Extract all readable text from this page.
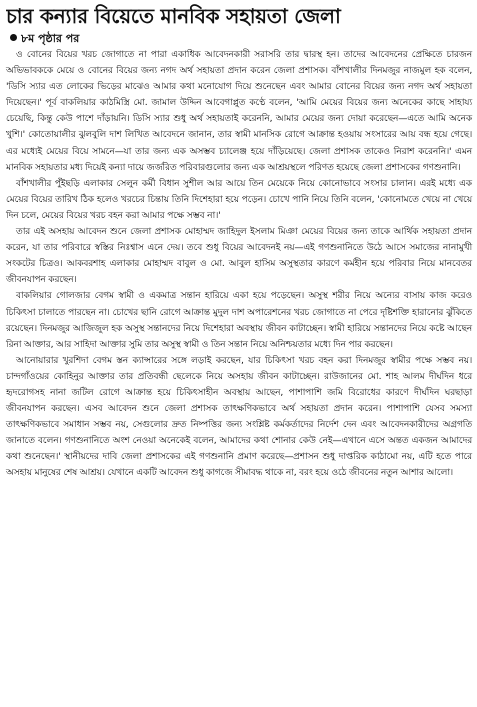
চার কন্যার বিয়েতে মানবিক সহায়তা জেলা
৮ম পৃষ্ঠার পর

ও বোনের বিয়ের খরচ জোগাতে না পারা একাধিক আবেদনকারী সরাসরি তার দ্বারস্থ হন। তাদের আবেদনের প্রেক্ষিতে চারজন অভিভাবককে মেয়ে ও বোনের বিয়ের জন্য নগদ অর্থ সহায়তা প্রদান করেন জেলা প্রশাসক। বাঁশখালীর দিনমজুর নাজমুল হক বলেন, 'ডিসি স্যার এত লোকের ভিড়ের মাঝেও আমার কথা মনোযোগ দিয়ে শুনেছেন এবং আমার বোনের বিয়ের জন্য নগদ অর্থ সহায়তা দিয়েছেন।' পূর্ব বাকলিয়ার কাঠমিস্ত্রি মো. জামাল উদ্দিন আবেগাপ্লুত কণ্ঠে বলেন, 'আমি মেয়ের বিয়ের জন্য অনেকের কাছে সাহায্য চেয়েছি, কিন্তু কেউ পাশে দাঁড়ায়নি। ডিসি স্যার শুধু অর্থ সহায়তাই করেননি, আমার মেয়ের জন্য দোয়া করেছেন—এতে আমি অনেক খুশি।' কোতোয়ালীর ঝুলবুলি দাশ লিখিত আবেদনে জানান, তার স্বামী মানসিক রোগে আক্রান্ত হওয়ায় সংসারের আয় বন্ধ হয়ে গেছে। এর মধ্যেই মেয়ের বিয়ে সামনে—যা তার জন্য এক অসম্ভব চ্যালেঞ্জ হয়ে দাঁড়িয়েছে। জেলা প্রশাসক তাকেও নিরাশ করেননি।' এমন মানবিক সহায়তার মধ্য দিয়েই কন্যা দায়ে জর্জরিত পরিবারগুলোর জন্য এক আশ্রয়স্থলে পরিণত হয়েছে জেলা প্রশাসকের গণশুনানি।

বাঁশখালীর পুঁইছড়ি এলাকার সেলুন কর্মী বিধান সুশীল আর আয়ে তিন মেয়েকে নিয়ে কোনোভাবে সংসার চালান। এরই মধ্যে এক মেয়ের বিয়ের তারিখ ঠিক হলেও খরচের চিন্তায় তিনি দিশেহারা হয়ে পড়েন। চোখে পানি নিয়ে তিনি বলেন, 'কোনোমতে খেয়ে না খেয়ে দিন চলে, মেয়ের বিয়ের খরচ বহন করা আমার পক্ষে সম্ভব না।'

তার এই অসহায় আবেদন শুনে জেলা প্রশাসক মোহাম্মদ জাহিদুল ইসলাম মিঞা মেয়ের বিয়ের জন্য তাকে আর্থিক সহায়তা প্রদান করেন, যা তার পরিবারে স্বস্তির নিঃশ্বাস এনে দেয়। তবে শুধু বিয়ের আবেদনই নয়—এই গণশুনানিতে উঠে আসে সমাজের নানামুখী সংকটের চিত্রও। আকবরশাহ এলাকার মোহাম্মদ বাবুল ও মো. আবুল হাসিম অসুস্থতার কারণে কর্মহীন হয়ে পরিবার নিয়ে মানবেতর জীবনযাপন করছেন।

বাকলিয়ার গোলজার বেগম স্বামী ও একমাত্র সন্তান হারিয়ে একা হয়ে পড়েছেন। অসুস্থ শরীর নিয়ে অন্যের বাসায় কাজ করেও চিকিৎসা চালাতে পারছেন না। চোখের ছানি রোগে আক্রান্ত মুদুল দাশ অপারেশনের খরচ জোগাতে না পেরে দৃষ্টিশক্তি হারানোর ঝুঁকিতে রয়েছেন। দিনমজুর আজিজুল হক অসুস্থ সন্তানদের নিয়ে দিশেহারা অবস্থায় জীবন কাটাচ্ছেন। স্বামী হারিয়ে সন্তানদের নিয়ে কষ্টে আছেন রিনা আক্তার, আর সাহিদা আক্তার সুমি তার অসুস্থ স্বামী ও তিন সন্তান নিয়ে অনিশ্চয়তার মধ্যে দিন পার করছেন।

আনোয়ারার খুরশিদা বেগম স্তন ক্যান্সারের সঙ্গে লড়াই করছেন, যার চিকিৎসা খরচ বহন করা দিনমজুর স্বামীর পক্ষে সম্ভব নয়। চান্দগাঁওয়ের কোহিনুর আক্তার তার প্রতিবন্ধী ছেলেকে নিয়ে অসহায় জীবন কাটাচ্ছেন। রাউজানের মো. শাহ আলম দীর্ঘদিন ধরে হৃদরোগসহ নানা জটিল রোগে আক্রান্ত হয়ে চিকিৎসাহীন অবস্থায় আছেন, পাশাপাশি জমি বিরোধের কারণে দীর্ঘদিন ঘরছাড়া জীবনযাপন করছেন। এসব আবেদন শুনে জেলা প্রশাসক তাৎক্ষণিকভাবে অর্থ সহায়তা প্রদান করেন। পাশাপাশি যেসব সমস্যা তাৎক্ষণিকভাবে সমাধান সম্ভব নয়, সেগুলোর দ্রুত নিষ্পত্তির জন্য সংশ্লিষ্ট কর্মকর্তাদের নির্দেশ দেন এবং আবেদনকারীদের অগ্রগতি জানাতে বলেন। গণশুনানিতে অংশ নেওয়া অনেকেই বলেন, আমাদের কথা শোনার কেউ নেই—এখানে এসে অন্তত একজন আমাদের কথা শুনেছেন।' স্থানীয়দের দাবি জেলা প্রশাসকের এই গণশুনানি প্রমাণ করেছে—প্রশাসন শুধু দাপ্তরিক কাঠামো নয়, এটি হতে পারে অসহায় মানুষের শেষ আশ্রয়। যেখানে একটি আবেদন শুধু কাগজে সীমাবদ্ধ থাকে না, বরং হয়ে ওঠে জীবনের নতুন আশার আলো।
